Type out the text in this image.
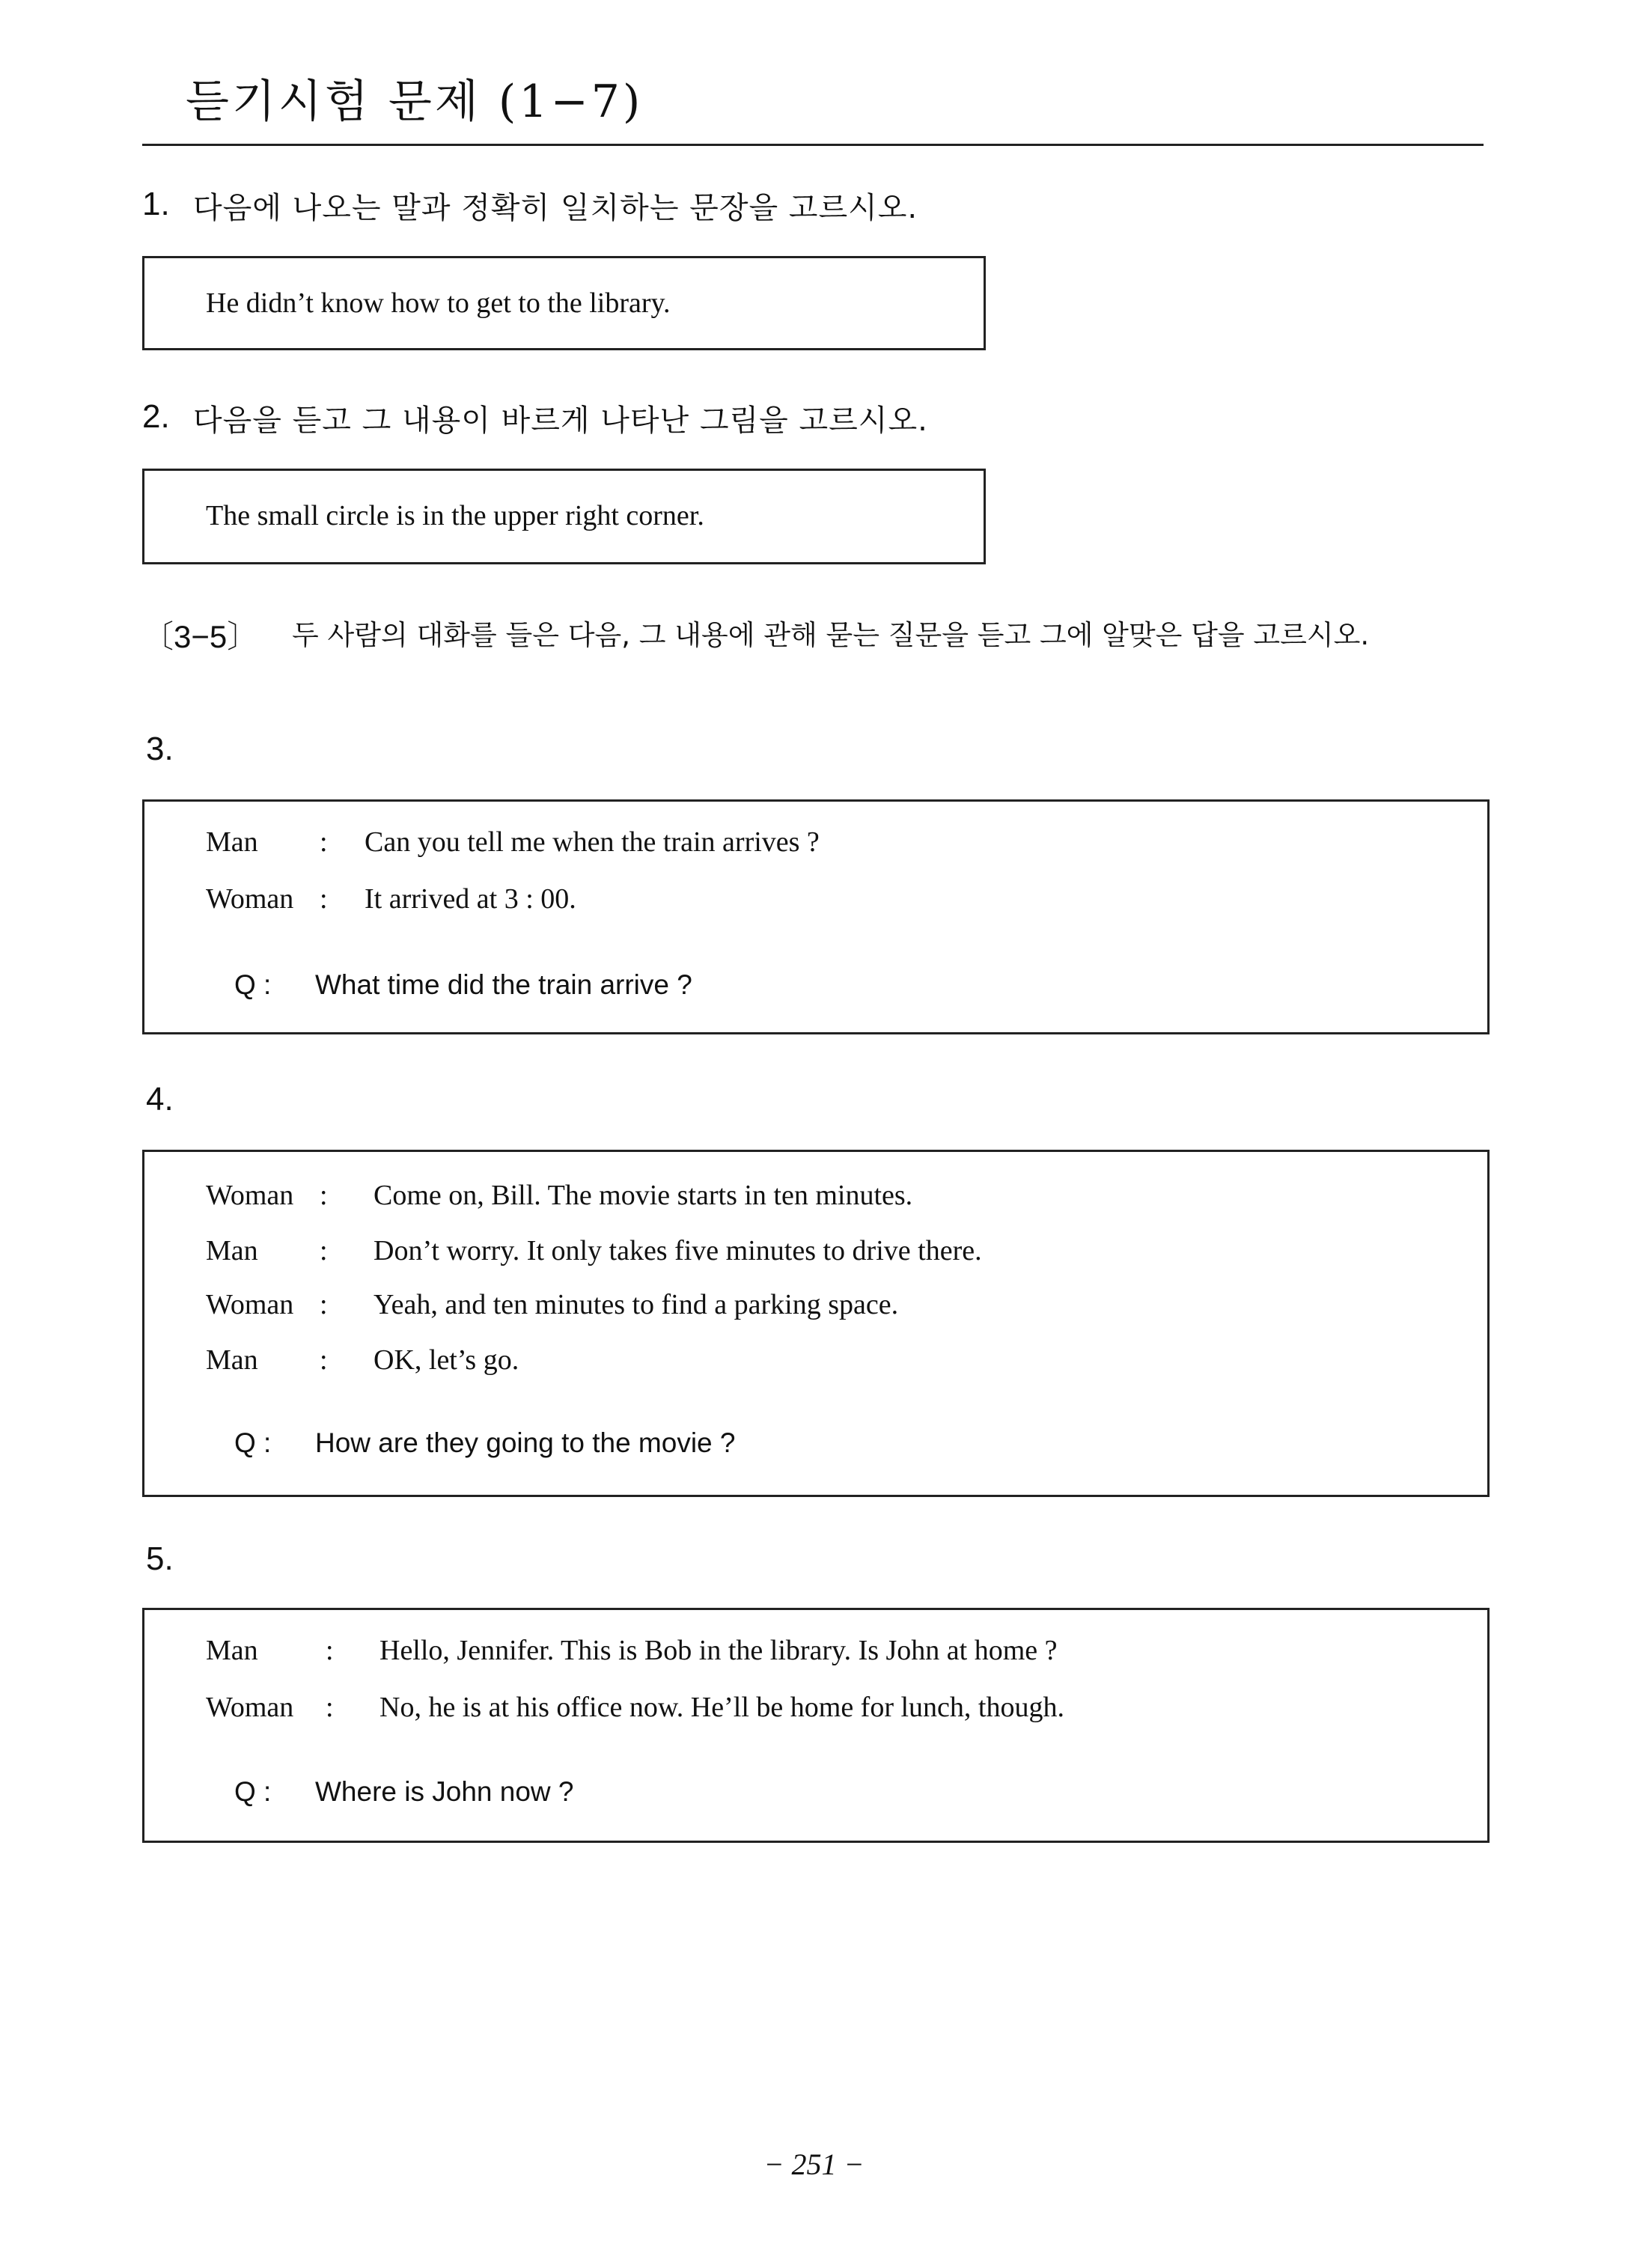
듣기시험 문제 (1−7)
1. 다음에 나오는 말과 정확히 일치하는 문장을 고르시오.
He didn’t know how to get to the library.
2. 다음을 듣고 그 내용이 바르게 나타난 그림을 고르시오.
The small circle is in the upper right corner.
〔3−5〕 두 사람의 대화를 들은 다음, 그 내용에 관해 묻는 질문을 듣고 그에 알맞은 답을 고르시오.
3.
Man : Can you tell me when the train arrives ?
Woman : It arrived at 3 : 00.
Q : What time did the train arrive ?
4.
Woman : Come on, Bill. The movie starts in ten minutes.
Man : Don’t worry. It only takes five minutes to drive there.
Woman : Yeah, and ten minutes to find a parking space.
Man : OK, let’s go.
Q : How are they going to the movie ?
5.
Man : Hello, Jennifer. This is Bob in the library. Is John at home ?
Woman : No, he is at his office now. He’ll be home for lunch, though.
Q : Where is John now ?
− 251 −
